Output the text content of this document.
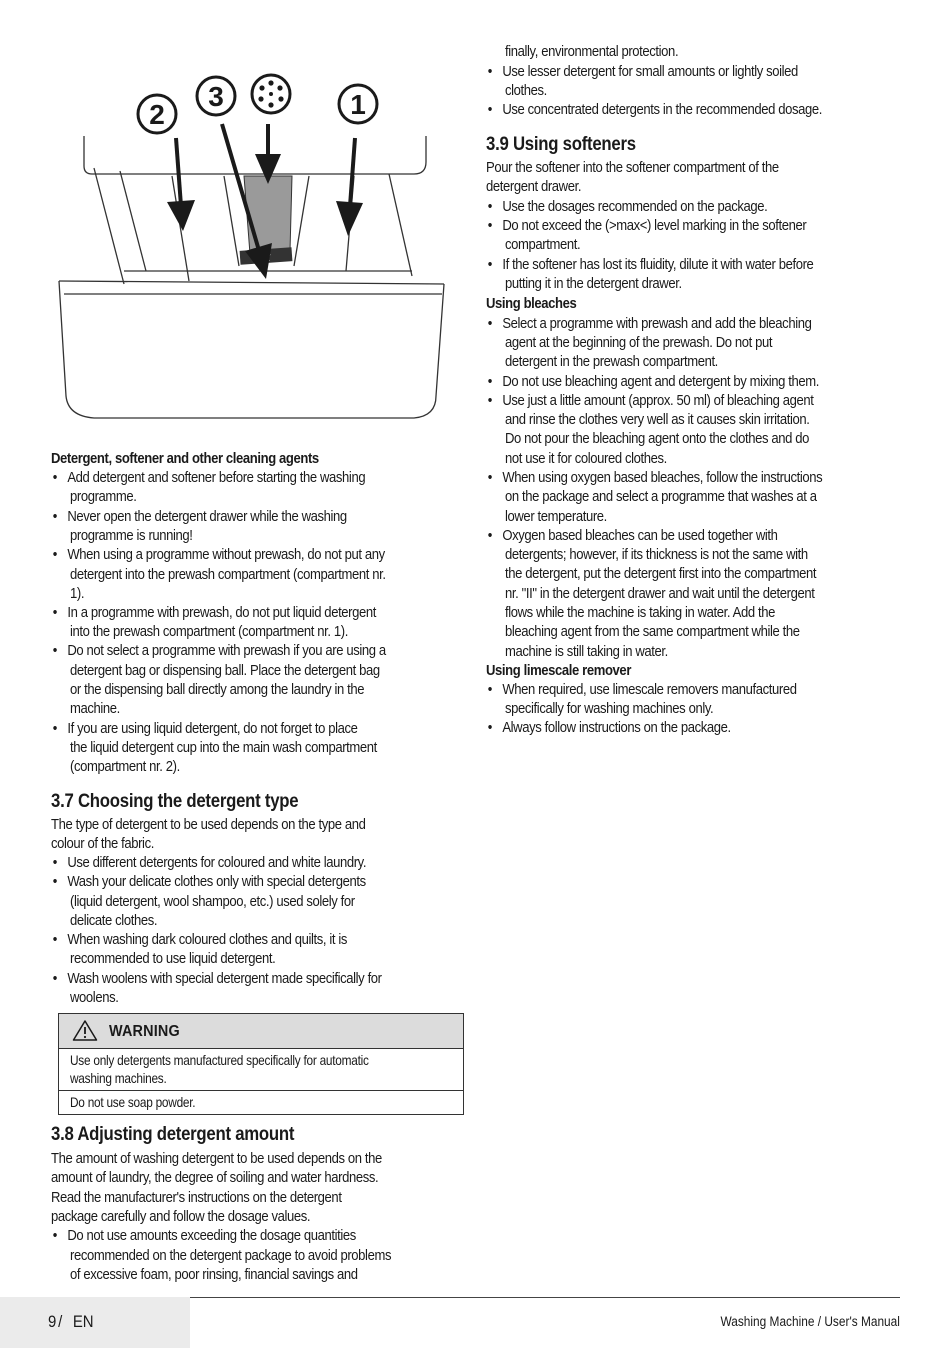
2
3	1
Detergent, softener and other cleaning agents
Add detergent and softener before starting the washing
programme.
Never open the detergent drawer while the washing
programme is running!
When using a programme without prewash, do not put any
detergent into the prewash compartment (compartment nr.
1).
In a programme with prewash, do not put liquid detergent
into the prewash compartment (compartment nr. 1).
Do not select a programme with prewash if you are using a
detergent bag or dispensing ball. Place the detergent bag
or the dispensing ball directly among the laundry in the
machine.
If you are using liquid detergent, do not forget to place
the liquid detergent cup into the main wash compartment
(compartment nr. 2).
3.7 Choosing the detergent type
The type of detergent to be used depends on the type and
colour of the fabric.
Use different detergents for coloured and white laundry.
Wash your delicate clothes only with special detergents
(liquid detergent, wool shampoo, etc.) used solely for
delicate clothes.
When washing dark coloured clothes and quilts, it is
recommended to use liquid detergent.
Wash woolens with special detergent made specifically for
woolens.
3.8 Adjusting detergent amount
The amount of washing detergent to be used depends on the
amount of laundry, the degree of soiling and water hardness.
Read the manufacturer's instructions on the detergent
package carefully and follow the dosage values.
Do not use amounts exceeding the dosage quantities
recommended on the detergent package to avoid problems
of excessive foam, poor rinsing, financial savings and
WARNING
Use only detergents manufactured specifically for automatic
washing machines.
Do not use soap powder.
finally, environmental protection.
Use lesser detergent for small amounts or lightly soiled
clothes.
Use concentrated detergents in the recommended dosage.
3.9 Using softeners
Pour the softener into the softener compartment of the
detergent drawer.
Use the dosages recommended on the package.
Do not exceed the (>max<) level marking in the softener
compartment.
If the softener has lost its fluidity, dilute it with water before
putting it in the detergent drawer.
Using bleaches
Select a programme with prewash and add the bleaching
agent at the beginning of the prewash. Do not put
detergent in the prewash compartment.
Do not use bleaching agent and detergent by mixing them.
Use just a little amount (approx. 50 ml) of bleaching agent
and rinse the clothes very well as it causes skin irritation.
Do not pour the bleaching agent onto the clothes and do
not use it for coloured clothes.
When using oxygen based bleaches, follow the instructions
on the package and select a programme that washes at a
lower temperature.
Oxygen based bleaches can be used together with
detergents; however, if its thickness is not the same with
the detergent, put the detergent first into the compartment
nr. "II" in the detergent drawer and wait until the detergent
flows while the machine is taking in water. Add the
bleaching agent from the same compartment while the
machine is still taking in water.
Using limescale remover
When required, use limescale removers manufactured
specifically for washing machines only.
Always follow instructions on the package.
9 / EN	Washing Machine / User's Manual
